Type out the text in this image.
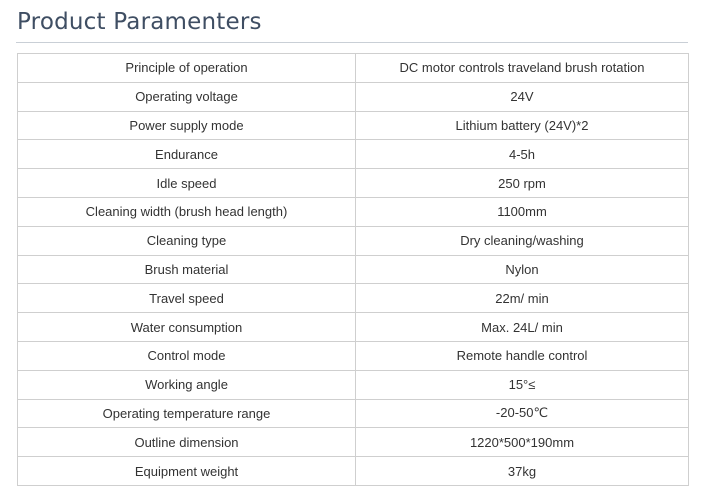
Product Paramenters
Principle of operation	DC motor controls traveland brush rotation
Operating voltage	24V
Power supply mode	Lithium battery (24V)*2
Endurance	4-5h
Idle speed	250 rpm
Cleaning width (brush head length)	1100mm
Cleaning type	Dry cleaning/washing
Brush material	Nylon
Travel speed	22m/ min
Water consumption	Max. 24L/ min
Control mode	Remote handle control
Working angle	15°≤
Operating temperature range	-20-50℃
Outline dimension	1220*500*190mm
Equipment weight	37kg
